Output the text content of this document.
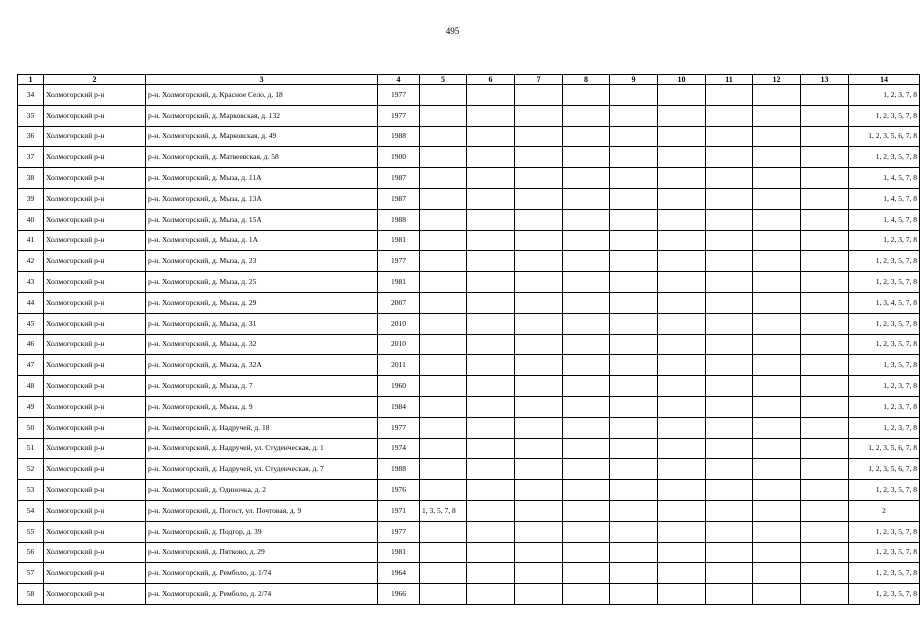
495
1	2	3	4	5	6	7	8	9	10	11	12	13	14
34	Холмогорский р-н	р-н. Холмогорский, д. Красное Село, д. 18	1977										1, 2, 3, 7, 8
35	Холмогорский р-н	р-н. Холмогорский, д. Марковская, д. 132	1977										1, 2, 3, 5, 7, 8
36	Холмогорский р-н	р-н. Холмогорский, д. Марковская, д. 49	1988										1, 2, 3, 5, 6, 7, 8
37	Холмогорский р-н	р-н. Холмогорский, д. Матвеевская, д. 58	1900										1, 2, 3, 5, 7, 8
38	Холмогорский р-н	р-н. Холмогорский, д. Мыза, д. 11А	1987										1, 4, 5, 7, 8
39	Холмогорский р-н	р-н. Холмогорский, д. Мыза, д. 13А	1987										1, 4, 5, 7, 8
40	Холмогорский р-н	р-н. Холмогорский, д. Мыза, д. 15А	1988										1, 4, 5, 7, 8
41	Холмогорский р-н	р-н. Холмогорский, д. Мыза, д. 1А	1981										1, 2, 3, 7, 8
42	Холмогорский р-н	р-н. Холмогорский, д. Мыза, д. 23	1977										1, 2, 3, 5, 7, 8
43	Холмогорский р-н	р-н. Холмогорский, д. Мыза, д. 25	1981										1, 2, 3, 5, 7, 8
44	Холмогорский р-н	р-н. Холмогорский, д. Мыза, д. 29	2007										1, 3, 4, 5, 7, 8
45	Холмогорский р-н	р-н. Холмогорский, д. Мыза, д. 31	2010										1, 2, 3, 5, 7, 8
46	Холмогорский р-н	р-н. Холмогорский, д. Мыза, д. 32	2010										1, 2, 3, 5, 7, 8
47	Холмогорский р-н	р-н. Холмогорский, д. Мыза, д. 32А	2011										1, 3, 5, 7, 8
48	Холмогорский р-н	р-н. Холмогорский, д. Мыза, д. 7	1960										1, 2, 3, 7, 8
49	Холмогорский р-н	р-н. Холмогорский, д. Мыза, д. 9	1984										1, 2, 3, 7, 8
50	Холмогорский р-н	р-н. Холмогорский, д. Надручей, д. 18	1977										1, 2, 3, 7, 8
51	Холмогорский р-н	р-н. Холмогорский, д. Надручей, ул. Студенческая, д. 1	1974										1, 2, 3, 5, 6, 7, 8
52	Холмогорский р-н	р-н. Холмогорский, д. Надручей, ул. Студенческая, д. 7	1988										1, 2, 3, 5, 6, 7, 8
53	Холмогорский р-н	р-н. Холмогорский, д. Одиночка, д. 2	1976										1, 2, 3, 5, 7, 8
54	Холмогорский р-н	р-н. Холмогорский, д. Погост, ул. Почтовая, д. 9	1971	1, 3, 5, 7, 8									2
55	Холмогорский р-н	р-н. Холмогорский, д. Подгор, д. 39	1977										1, 2, 3, 5, 7, 8
56	Холмогорский р-н	р-н. Холмогорский, д. Пятково, д. 29	1981										1, 2, 3, 5, 7, 8
57	Холмогорский р-н	р-н. Холмогорский, д. Ремболо, д. 1/74	1964										1, 2, 3, 5, 7, 8
58	Холмогорский р-н	р-н. Холмогорский, д. Ремболо, д. 2/74	1966										1, 2, 3, 5, 7, 8
